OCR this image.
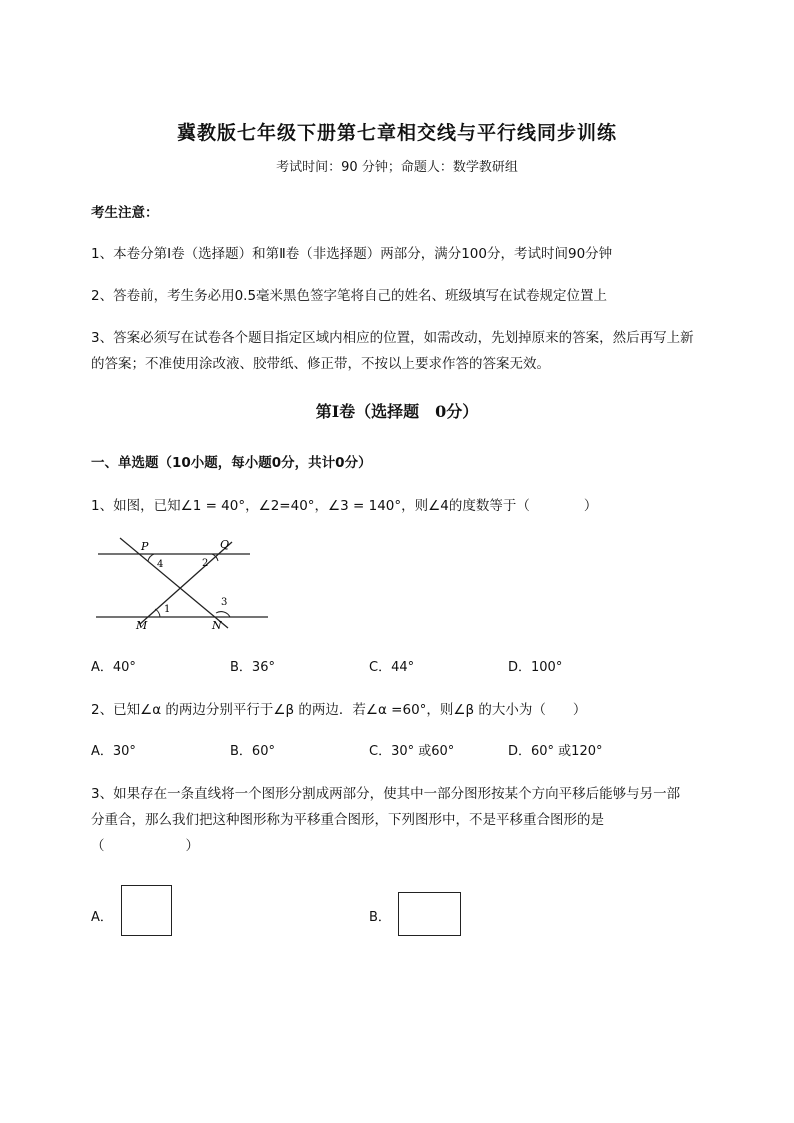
冀教版七年级下册第七章相交线与平行线同步训练
考试时间：90 分钟；命题人：数学教研组
考生注意：
1、本卷分第Ⅰ卷（选择题）和第Ⅱ卷（非选择题）两部分，满分100分，考试时间90分钟
2、答卷前，考生务必用0.5毫米黑色签字笔将自己的姓名、班级填写在试卷规定位置上
3、答案必须写在试卷各个题目指定区域内相应的位置，如需改动，先划掉原来的答案，然后再写上新
的答案；不准使用涂改液、胶带纸、修正带，不按以上要求作答的答案无效。
第Ⅰ卷（选择题　0分）
一、单选题（10小题，每小题0分，共计0分）
1、如图，已知∠1 = 40°，∠2=40°，∠3 = 140°，则∠4的度数等于（　　　　）
P	Q
M	N
4	2
1
3
A．40°	B．36°	C．44°	D．100°
2、已知∠α 的两边分别平行于∠β 的两边．若∠α =60°，则∠β 的大小为（　　）
A．30°	B．60°	C．30° 或60°	D．60° 或120°
3、如果存在一条直线将一个图形分割成两部分，使其中一部分图形按某个方向平移后能够与另一部
分重合，那么我们把这种图形称为平移重合图形，下列图形中，不是平移重合图形的是
（　　　　　　）
A．	B．
